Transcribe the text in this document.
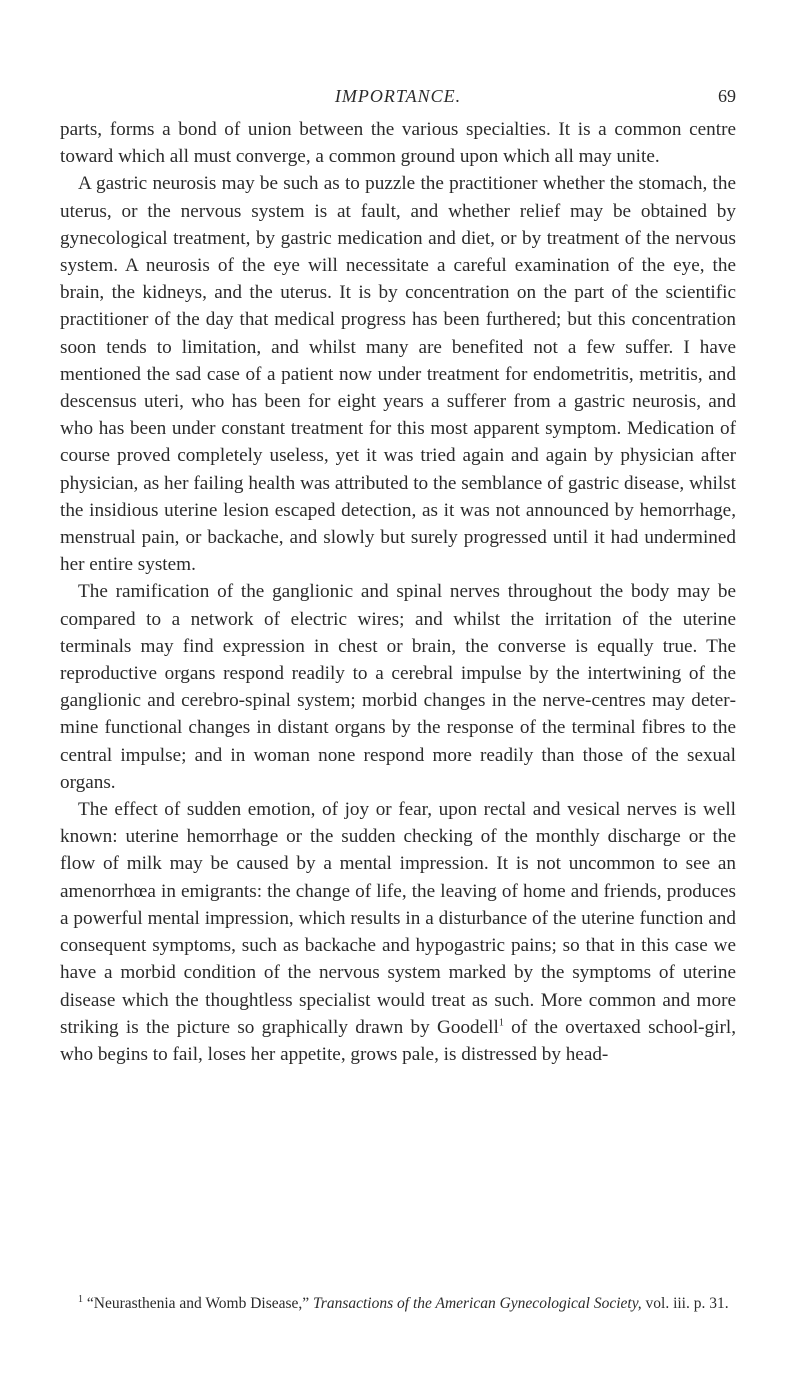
IMPORTANCE.	69

parts, forms a bond of union between the various specialties. It is a common centre toward which all must converge, a common ground upon which all may unite.

A gastric neurosis may be such as to puzzle the practitioner whether the stomach, the uterus, or the nervous system is at fault, and whether relief may be obtained by gynecological treatment, by gastric medication and diet, or by treatment of the nervous system. A neurosis of the eye will necessitate a careful examination of the eye, the brain, the kidneys, and the uterus. It is by concentration on the part of the scientific practitioner of the day that medical progress has been furthered; but this concentration soon tends to limitation, and whilst many are benefited not a few suffer. I have mentioned the sad case of a patient now under treatment for endometritis, metritis, and descensus uteri, who has been for eight years a sufferer from a gastric neurosis, and who has been under constant treatment for this most apparent symptom. Medication of course proved completely useless, yet it was tried again and again by physician after physician, as her failing health was attributed to the semblance of gastric disease, whilst the insidious uterine lesion escaped detection, as it was not announced by hemorrhage, menstrual pain, or backache, and slowly but surely progressed until it had undermined her entire system.

The ramification of the ganglionic and spinal nerves throughout the body may be compared to a network of electric wires; and whilst the irritation of the uterine terminals may find expression in chest or brain, the converse is equally true. The reproductive organs respond readily to a cerebral impulse by the intertwining of the ganglionic and cerebro-spinal system; morbid changes in the nerve-centres may determine functional changes in distant organs by the response of the terminal fibres to the central impulse; and in woman none respond more readily than those of the sexual organs.

The effect of sudden emotion, of joy or fear, upon rectal and vesical nerves is well known: uterine hemorrhage or the sudden checking of the monthly discharge or the flow of milk may be caused by a mental impression. It is not uncommon to see an amenorrhœa in emigrants: the change of life, the leaving of home and friends, produces a powerful mental impression, which results in a disturbance of the uterine function and consequent symptoms, such as backache and hypogastric pains; so that in this case we have a morbid condition of the nervous system marked by the symptoms of uterine disease which the thoughtless specialist would treat as such. More common and more striking is the picture so graphically drawn by Goodell$^1$ of the overtaxed school-girl, who begins to fail, loses her appetite, grows pale, is distressed by head-

$^1$ “Neurasthenia and Womb Disease,” Transactions of the American Gynecological Society, vol. iii. p. 31.
